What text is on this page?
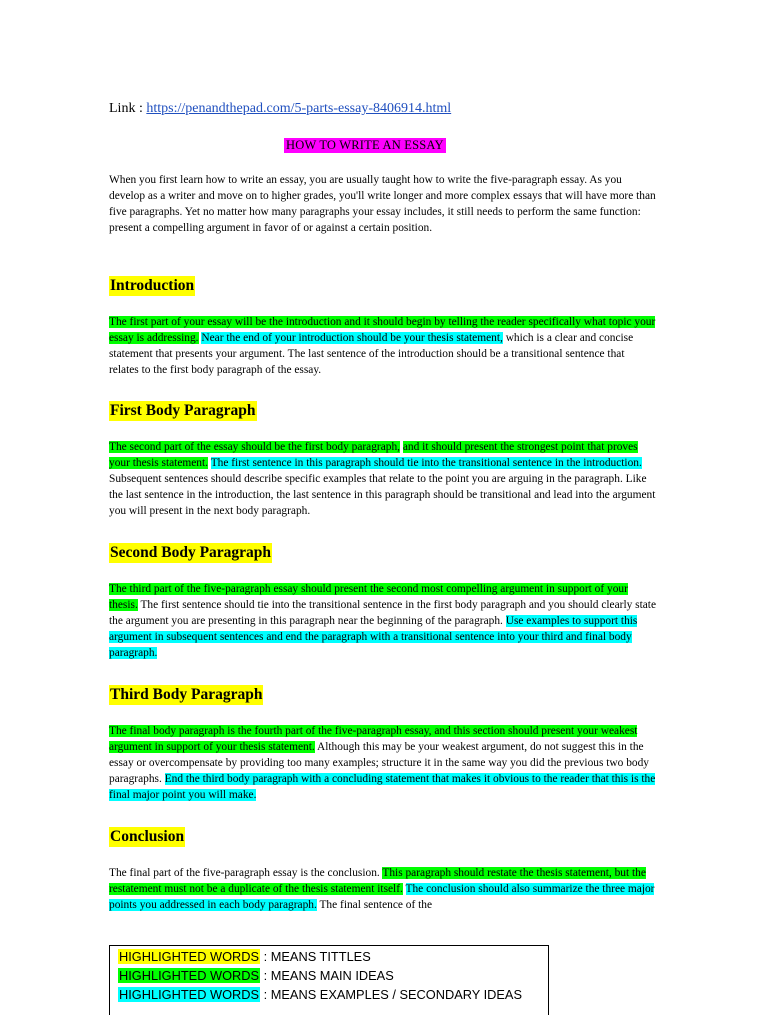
Link : https://penandthepad.com/5-parts-essay-8406914.html
HOW TO WRITE AN ESSAY

When you first learn how to write an essay, you are usually taught how to write the five-paragraph essay. As you develop as a writer and move on to higher grades, you'll write longer and more complex essays that will have more than five paragraphs. Yet no matter how many paragraphs your essay includes, it still needs to perform the same function: present a compelling argument in favor of or against a certain position.

Introduction

The first part of your essay will be the introduction and it should begin by telling the reader specifically what topic your essay is addressing. Near the end of your introduction should be your thesis statement, which is a clear and concise statement that presents your argument. The last sentence of the introduction should be a transitional sentence that relates to the first body paragraph of the essay.

First Body Paragraph

The second part of the essay should be the first body paragraph, and it should present the strongest point that proves your thesis statement. The first sentence in this paragraph should tie into the transitional sentence in the introduction. Subsequent sentences should describe specific examples that relate to the point you are arguing in the paragraph. Like the last sentence in the introduction, the last sentence in this paragraph should be transitional and lead into the argument you will present in the next body paragraph.

Second Body Paragraph

The third part of the five-paragraph essay should present the second most compelling argument in support of your thesis. The first sentence should tie into the transitional sentence in the first body paragraph and you should clearly state the argument you are presenting in this paragraph near the beginning of the paragraph. Use examples to support this argument in subsequent sentences and end the paragraph with a transitional sentence into your third and final body paragraph.

Third Body Paragraph

The final body paragraph is the fourth part of the five-paragraph essay, and this section should present your weakest argument in support of your thesis statement. Although this may be your weakest argument, do not suggest this in the essay or overcompensate by providing too many examples; structure it in the same way you did the previous two body paragraphs. End the third body paragraph with a concluding statement that makes it obvious to the reader that this is the final major point you will make.

Conclusion

The final part of the five-paragraph essay is the conclusion. This paragraph should restate the thesis statement, but the restatement must not be a duplicate of the thesis statement itself. The conclusion should also summarize the three major points you addressed in each body paragraph. The final sentence of the

HIGHLIGHTED WORDS : MEANS TITTLES
HIGHLIGHTED WORDS : MEANS MAIN IDEAS
HIGHLIGHTED WORDS : MEANS EXAMPLES / SECONDARY IDEAS
